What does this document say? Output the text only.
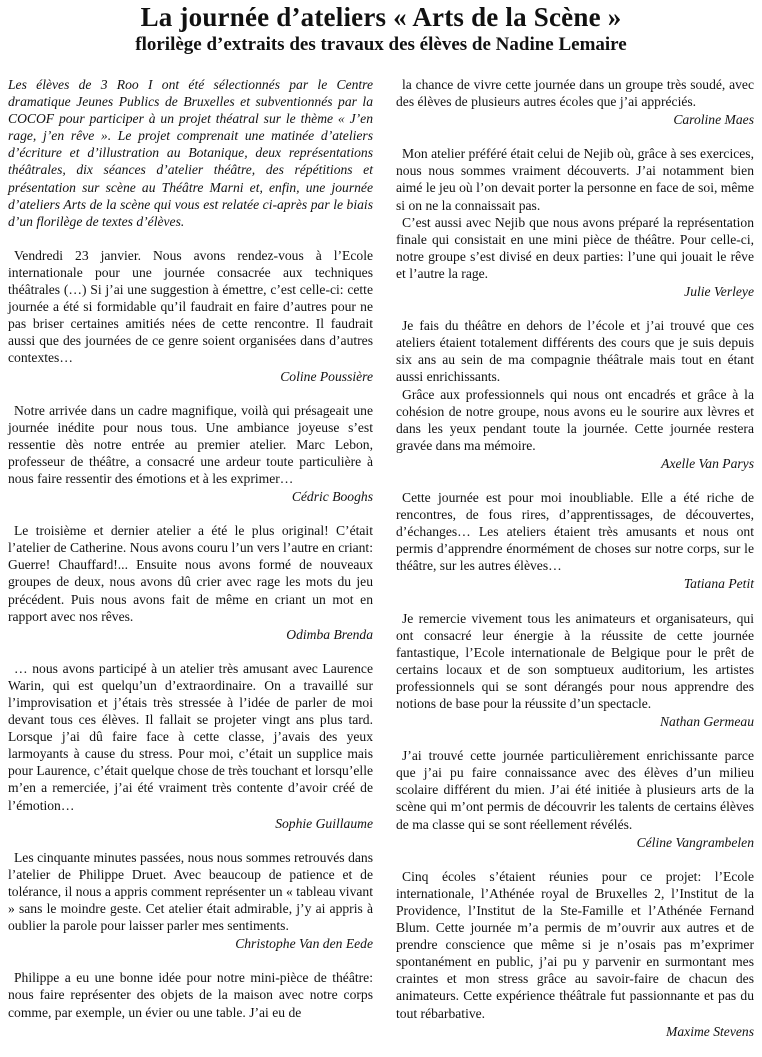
La journée d’ateliers « Arts de la Scène »
florilège d’extraits des travaux des élèves de Nadine Lemaire

Les élèves de 3 Roo I ont été sélectionnés par le Centre dramatique Jeunes Publics de Bruxelles et subventionnés par la COCOF pour participer à un projet théatral sur le thème « J’en rage, j’en rêve ». Le projet comprenait une matinée d’ateliers d’écriture et d’illustration au Botanique, deux représentations théâtrales, dix séances d’atelier théâtre, des répétitions et présentation sur scène au Théâtre Marni et, enfin, une journée d’ateliers Arts de la scène qui vous est relatée ci-après par le biais d’un florilège de textes d’élèves.

Vendredi 23 janvier. Nous avons rendez-vous à l’Ecole internationale pour une journée consacrée aux techniques théâtrales (…) Si j’ai une suggestion à émettre, c’est celle-ci: cette journée a été si formidable qu’il faudrait en faire d’autres pour ne pas briser certaines amitiés nées de cette rencontre. Il faudrait aussi que des journées de ce genre soient organisées dans d’autres contextes…

Coline Poussière

Notre arrivée dans un cadre magnifique, voilà qui présageait une journée inédite pour nous tous. Une ambiance joyeuse s’est ressentie dès notre entrée au premier atelier. Marc Lebon, professeur de théâtre, a consacré une ardeur toute particulière à nous faire ressentir des émotions et à les exprimer…

Cédric Booghs

Le troisième et dernier atelier a été le plus original! C’était l’atelier de Catherine. Nous avons couru l’un vers l’autre en criant: Guerre! Chauffard!... Ensuite nous avons formé de nouveaux groupes de deux, nous avons dû crier avec rage les mots du jeu précédent. Puis nous avons fait de même en criant un mot en rapport avec nos rêves.

Odimba Brenda

… nous avons participé à un atelier très amusant avec Laurence Warin, qui est quelqu’un d’extraordinaire. On a travaillé sur l’improvisation et j’étais très stressée à l’idée de parler de moi devant tous ces élèves. Il fallait se projeter vingt ans plus tard. Lorsque j’ai dû faire face à cette classe, j’avais des yeux larmoyants à cause du stress. Pour moi, c’était un supplice mais pour Laurence, c’était quelque chose de très touchant et lorsqu’elle m’en a remerciée, j’ai été vraiment très contente d’avoir créé de l’émotion…

Sophie Guillaume

Les cinquante minutes passées, nous nous sommes retrouvés dans l’atelier de Philippe Druet. Avec beaucoup de patience et de tolérance, il nous a appris comment représenter un « tableau vivant » sans le moindre geste. Cet atelier était admirable, j’y ai appris à oublier la parole pour laisser parler mes sentiments.

Christophe Van den Eede

Philippe a eu une bonne idée pour notre mini-pièce de théâtre: nous faire représenter des objets de la maison avec notre corps comme, par exemple, un évier ou une table. J’ai eu de

la chance de vivre cette journée dans un groupe très soudé, avec des élèves de plusieurs autres écoles que j’ai appréciés.

Caroline Maes

Mon atelier préféré était celui de Nejib où, grâce à ses exercices, nous nous sommes vraiment découverts. J’ai notamment bien aimé le jeu où l’on devait porter la personne en face de soi, même si on ne la connaissait pas.

C’est aussi avec Nejib que nous avons préparé la représentation finale qui consistait en une mini pièce de théâtre. Pour celle-ci, notre groupe s’est divisé en deux parties: l’une qui jouait le rêve et l’autre la rage.

Julie Verleye

Je fais du théâtre en dehors de l’école et j’ai trouvé que ces ateliers étaient totalement différents des cours que je suis depuis six ans au sein de ma compagnie théâtrale mais tout en étant aussi enrichissants.

Grâce aux professionnels qui nous ont encadrés et grâce à la cohésion de notre groupe, nous avons eu le sourire aux lèvres et dans les yeux pendant toute la journée. Cette journée restera gravée dans ma mémoire.

Axelle Van Parys

Cette journée est pour moi inoubliable. Elle a été riche de rencontres, de fous rires, d’apprentissages, de découvertes, d’échanges… Les ateliers étaient très amusants et nous ont permis d’apprendre énormément de choses sur notre corps, sur le théâtre, sur les autres élèves…

Tatiana Petit

Je remercie vivement tous les animateurs et organisateurs, qui ont consacré leur énergie à la réussite de cette journée fantastique, l’Ecole internationale de Belgique pour le prêt de certains locaux et de son somptueux auditorium, les artistes professionnels qui se sont dérangés pour nous apprendre des notions de base pour la réussite d’un spectacle.

Nathan Germeau

J’ai trouvé cette journée particulièrement enrichissante parce que j’ai pu faire connaissance avec des élèves d’un milieu scolaire différent du mien. J’ai été initiée à plusieurs arts de la scène qui m’ont permis de découvrir les talents de certains élèves de ma classe qui se sont réellement révélés.

Céline Vangrambelen

Cinq écoles s’étaient réunies pour ce projet: l’Ecole internationale, l’Athénée royal de Bruxelles 2, l’Institut de la Providence, l’Institut de la Ste-Famille et l’Athénée Fernand Blum. Cette journée m’a permis de m’ouvrir aux autres et de prendre conscience que même si je n’osais pas m’exprimer spontanément en public, j’ai pu y parvenir en surmontant mes craintes et mon stress grâce au savoir-faire de chacun des animateurs. Cette expérience théâtrale fut passionnante et pas du tout rébarbative.

Maxime Stevens
